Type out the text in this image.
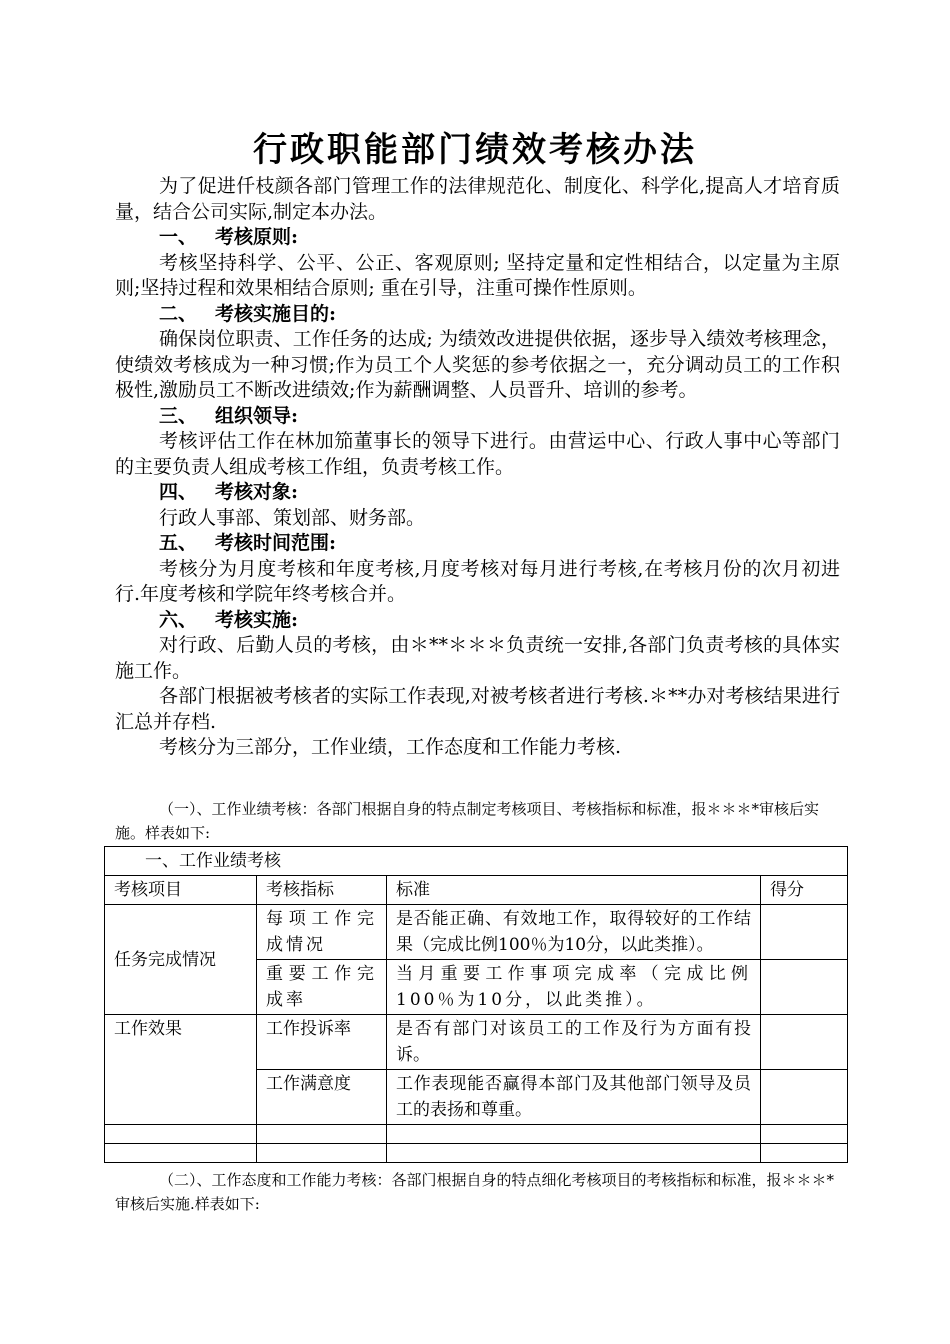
行政职能部门绩效考核办法

为了促进仟枝颜各部门管理工作的法律规范化、制度化、科学化,提高人才培育质量，结合公司实际,制定本办法。

一、 考核原则:

考核坚持科学、公平、公正、客观原则; 坚持定量和定性相结合，以定量为主原则;坚持过程和效果相结合原则; 重在引导，注重可操作性原则。

二、 考核实施目的:

确保岗位职责、工作任务的达成; 为绩效改进提供依据，逐步导入绩效考核理念，使绩效考核成为一种习惯;作为员工个人奖惩的参考依据之一，充分调动员工的工作积极性,激励员工不断改进绩效;作为薪酬调整、人员晋升、培训的参考。

三、 组织领导:

考核评估工作在林加笳董事长的领导下进行。由营运中心、行政人事中心等部门的主要负责人组成考核工作组，负责考核工作。

四、 考核对象:

行政人事部、策划部、财务部。

五、 考核时间范围:

考核分为月度考核和年度考核,月度考核对每月进行考核,在考核月份的次月初进行.年度考核和学院年终考核合并。

六、 考核实施:

对行政、后勤人员的考核，由＊**＊＊＊负责统一安排,各部门负责考核的具体实施工作。

各部门根据被考核者的实际工作表现,对被考核者进行考核.＊**办对考核结果进行汇总并存档.

考核分为三部分，工作业绩，工作态度和工作能力考核.

（一）、工作业绩考核：各部门根据自身的特点制定考核项目、考核指标和标准，报＊＊＊*审核后实施。样表如下:

一、工作业绩考核			
考核项目	考核指标	标准	得分
任务完成情况	每项工作完成情况	是否能正确、有效地工作，取得较好的工作结果（完成比例100％为10分，以此类推）。	
	重要工作完成率	当月重要工作事项完成率（完成比例100％为10分，以此类推）。	
工作效果	工作投诉率	是否有部门对该员工的工作及行为方面有投诉。	
	工作满意度	工作表现能否赢得本部门及其他部门领导及员工的表扬和尊重。	

（二）、工作态度和工作能力考核：各部门根据自身的特点细化考核项目的考核指标和标准，报＊＊＊*审核后实施.样表如下:
